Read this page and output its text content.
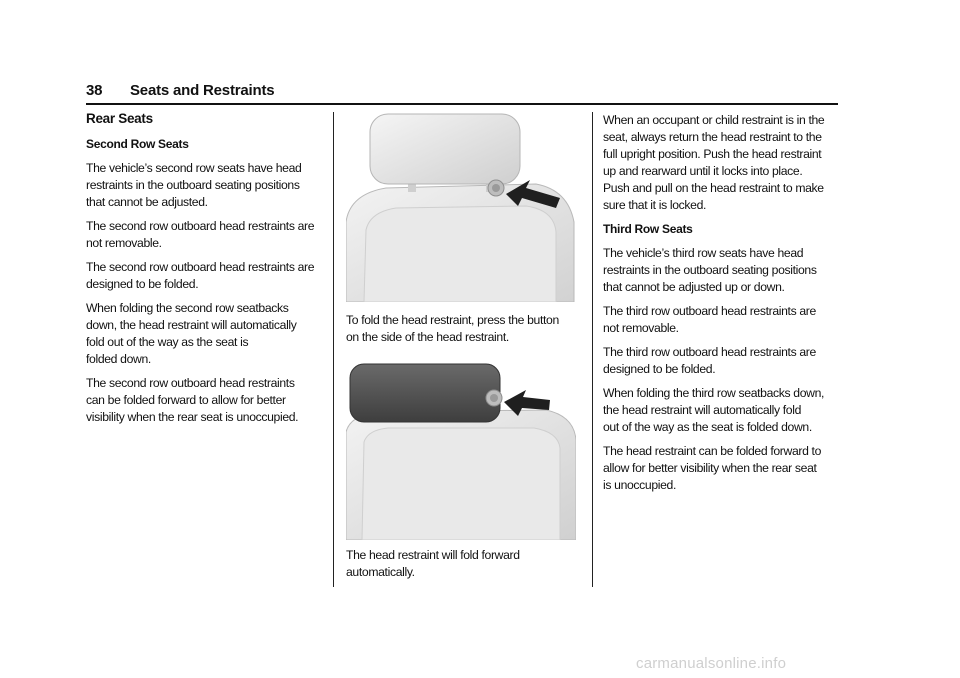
38 Seats and Restraints
Rear Seats
Second Row Seats

The vehicle’s second row seats have head
restraints in the outboard seating positions
that cannot be adjusted.

The second row outboard head restraints are
not removable.

The second row outboard head restraints are
designed to be folded.

When folding the second row seatbacks
down, the head restraint will automatically
fold out of the way as the seat is
folded down.

The second row outboard head restraints
can be folded forward to allow for better
visibility when the rear seat is unoccupied.

To fold the head restraint, press the button
on the side of the head restraint.
The head restraint will fold forward
automatically.

When an occupant or child restraint is in the
seat, always return the head restraint to the
full upright position. Push the head restraint
up and rearward until it locks into place.
Push and pull on the head restraint to make
sure that it is locked.

Third Row Seats

The vehicle’s third row seats have head
restraints in the outboard seating positions
that cannot be adjusted up or down.

The third row outboard head restraints are
not removable.

The third row outboard head restraints are
designed to be folded.

When folding the third row seatbacks down,
the head restraint will automatically fold
out of the way as the seat is folded down.

The head restraint can be folded forward to
allow for better visibility when the rear seat
is unoccupied.

carmanualsonline.info
